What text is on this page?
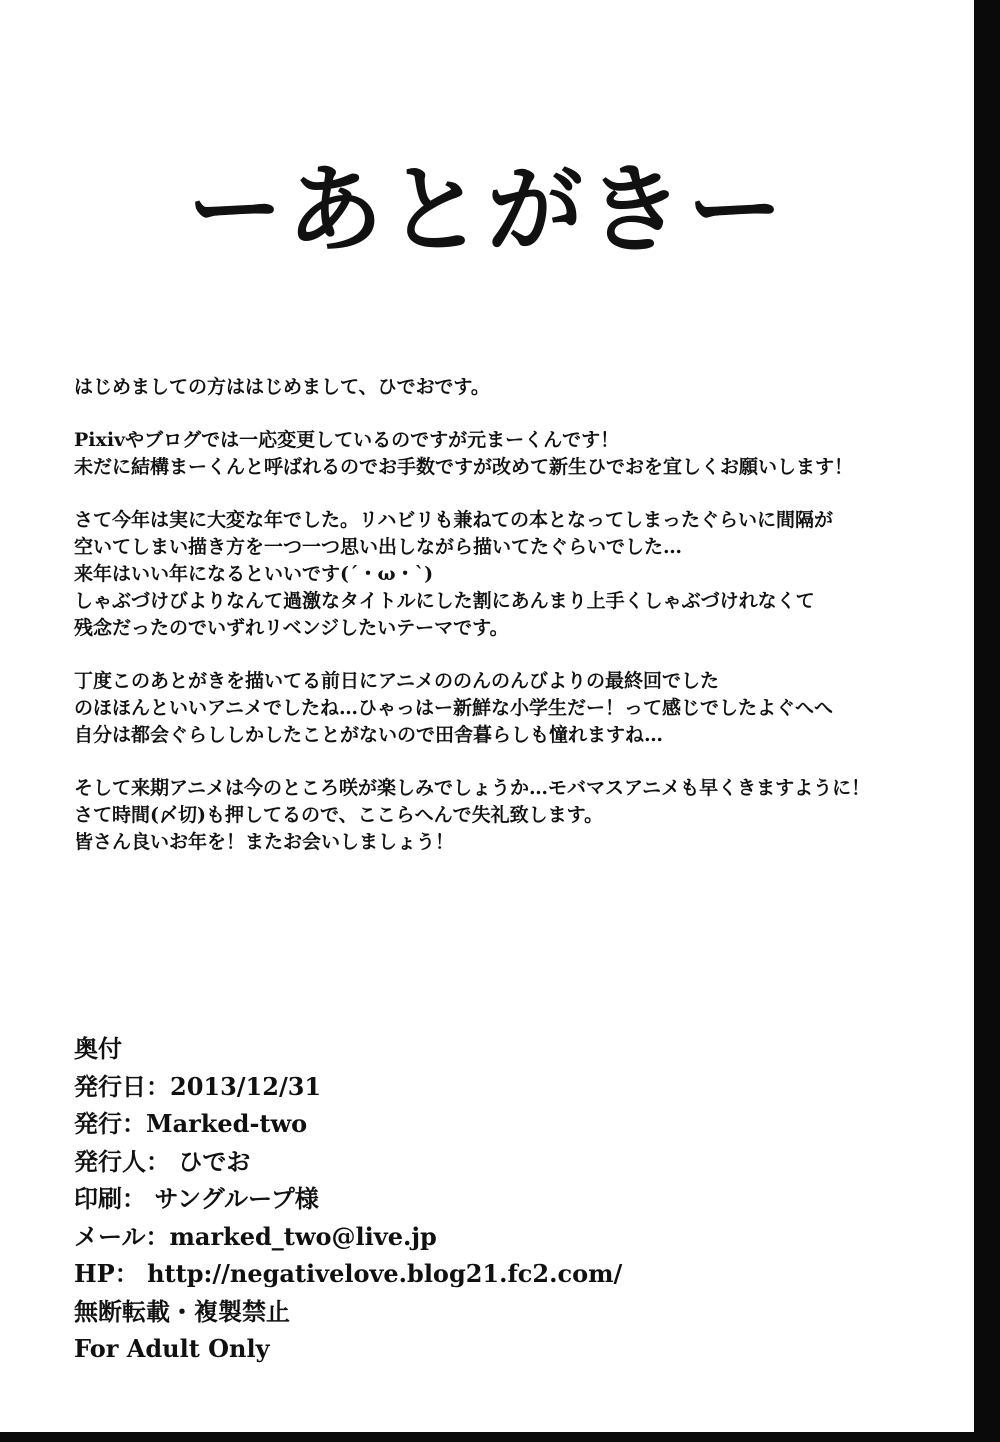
ーあとがきー
はじめましての方ははじめまして、ひでおです。
Pixivやブログでは一応変更しているのですが元まーくんです！
未だに結構まーくんと呼ばれるのでお手数ですが改めて新生ひでおを宜しくお願いします！
さて今年は実に大変な年でした。リハビリも兼ねての本となってしまったぐらいに間隔が
空いてしまい描き方を一つ一つ思い出しながら描いてたぐらいでした…
来年はいい年になるといいです(´・ω・`)
しゃぶづけびよりなんて過激なタイトルにした割にあんまり上手くしゃぶづけれなくて
残念だったのでいずれリベンジしたいテーマです。
丁度このあとがきを描いてる前日にアニメののんのんびよりの最終回でした
のほほんといいアニメでしたね…ひゃっはー新鮮な小学生だー！って感じでしたよぐへへ
自分は都会ぐらししかしたことがないので田舎暮らしも憧れますね…
そして来期アニメは今のところ咲が楽しみでしょうか…モバマスアニメも早くきますように！
さて時間(〆切)も押してるので、ここらへんで失礼致します。
皆さん良いお年を！またお会いしましょう！
奥付
発行日：2013/12/31
発行：Marked-two
発行人： ひでお
印刷： サングループ様
メール：marked_two@live.jp
HP： http://negativelove.blog21.fc2.com/
無断転載・複製禁止
For Adult Only
